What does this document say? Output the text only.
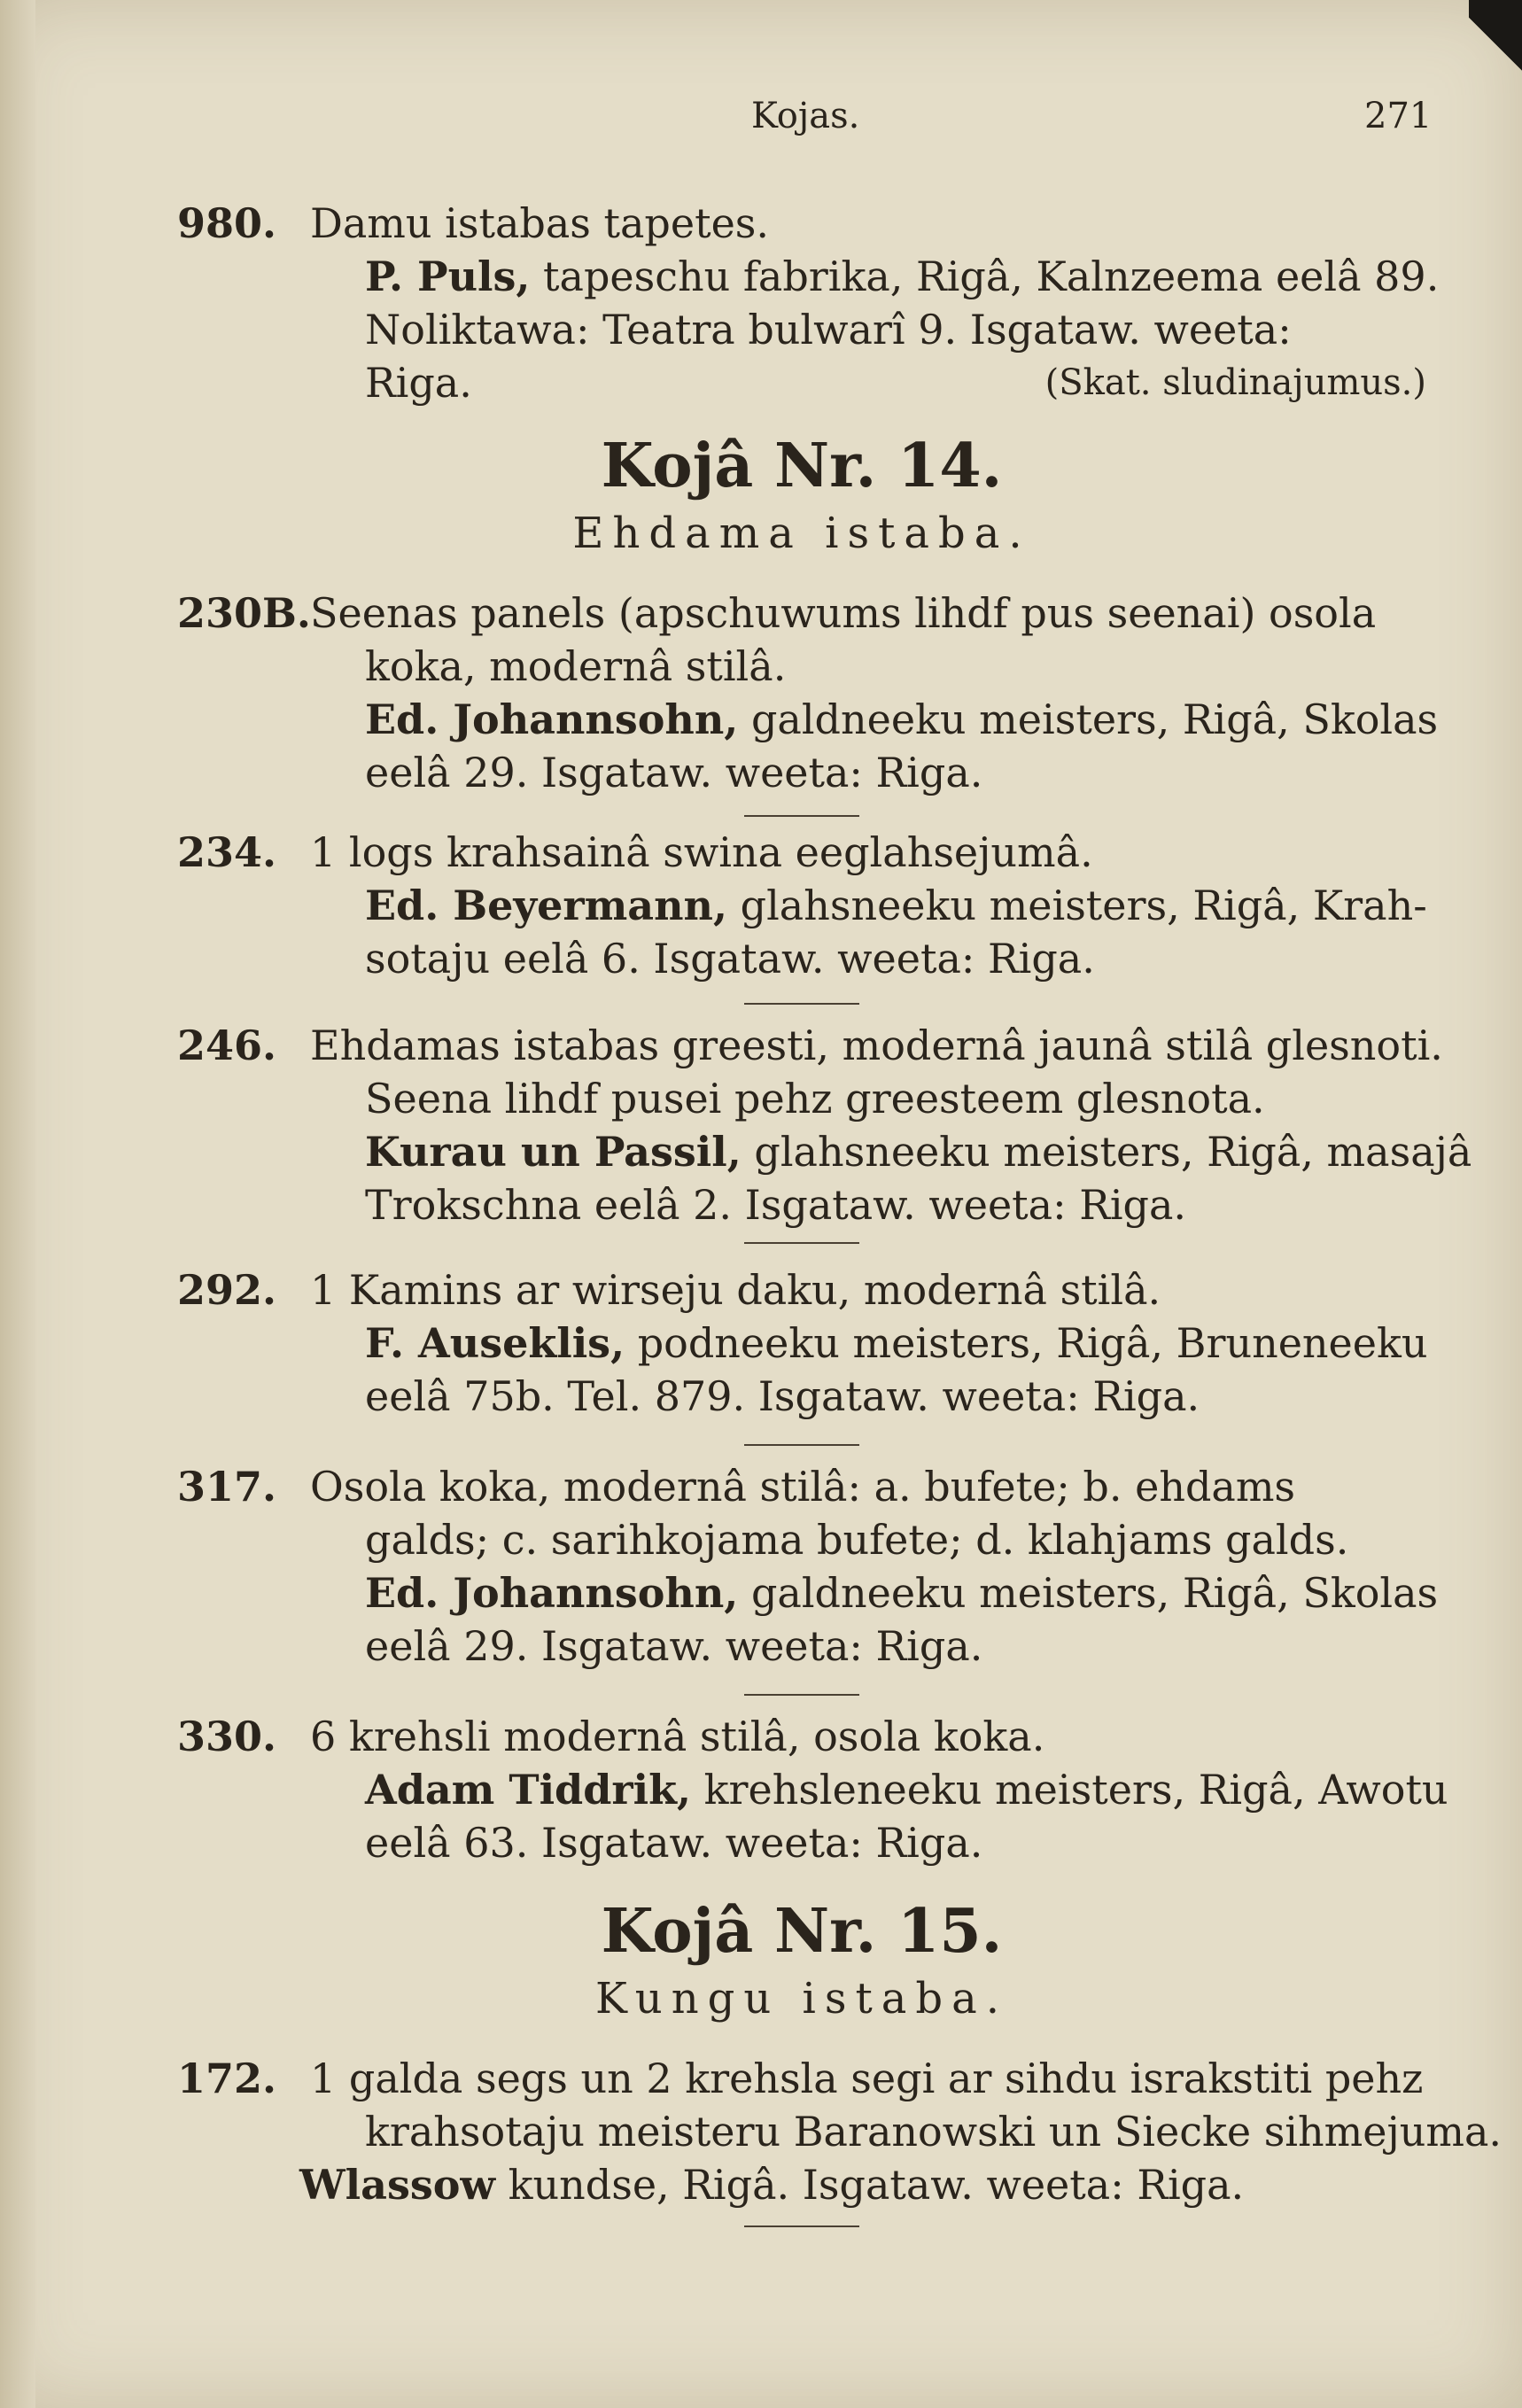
Kojas.	271
980. Damu istabas tapetes.
P. Puls, tapeschu fabrika, Rigâ, Kalnzeema eelâ 89.
Noliktawa: Teatra bulwarî 9. Isgataw. weeta:
Riga.	(Skat. sludinajumus.)
Kojâ Nr. 14.
Ehdama istaba.
230B. Seenas panels (apschuwums lihdf pus seenai) osola
koka, modernâ stilâ.
Ed. Johannsohn, galdneeku meisters, Rigâ, Skolas
eelâ 29. Isgataw. weeta: Riga.
234. 1 logs krahsainâ swina eeglahsejumâ.
Ed. Beyermann, glahsneeku meisters, Rigâ, Krah-
sotaju eelâ 6. Isgataw. weeta: Riga.
246. Ehdamas istabas greesti, modernâ jaunâ stilâ glesnoti.
Seena lihdf pusei pehz greesteem glesnota.
Kurau un Passil, glahsneeku meisters, Rigâ, masajâ
Trokschna eelâ 2. Isgataw. weeta: Riga.
292. 1 Kamins ar wirseju daku, modernâ stilâ.
F. Auseklis, podneeku meisters, Rigâ, Bruneneeku
eelâ 75b. Tel. 879. Isgataw. weeta: Riga.
317. Osola koka, modernâ stilâ: a. bufete; b. ehdams
galds; c. sarihkojama bufete; d. klahjams galds.
Ed. Johannsohn, galdneeku meisters, Rigâ, Skolas
eelâ 29. Isgataw. weeta: Riga.
330. 6 krehsli modernâ stilâ, osola koka.
Adam Tiddrik, krehsleneeku meisters, Rigâ, Awotu
eelâ 63. Isgataw. weeta: Riga.
Kojâ Nr. 15.
Kungu istaba.
172. 1 galda segs un 2 krehsla segi ar sihdu israkstiti pehz
krahsotaju meisteru Baranowski un Siecke sihmejuma.
Wlassow kundse, Rigâ. Isgataw. weeta: Riga.
